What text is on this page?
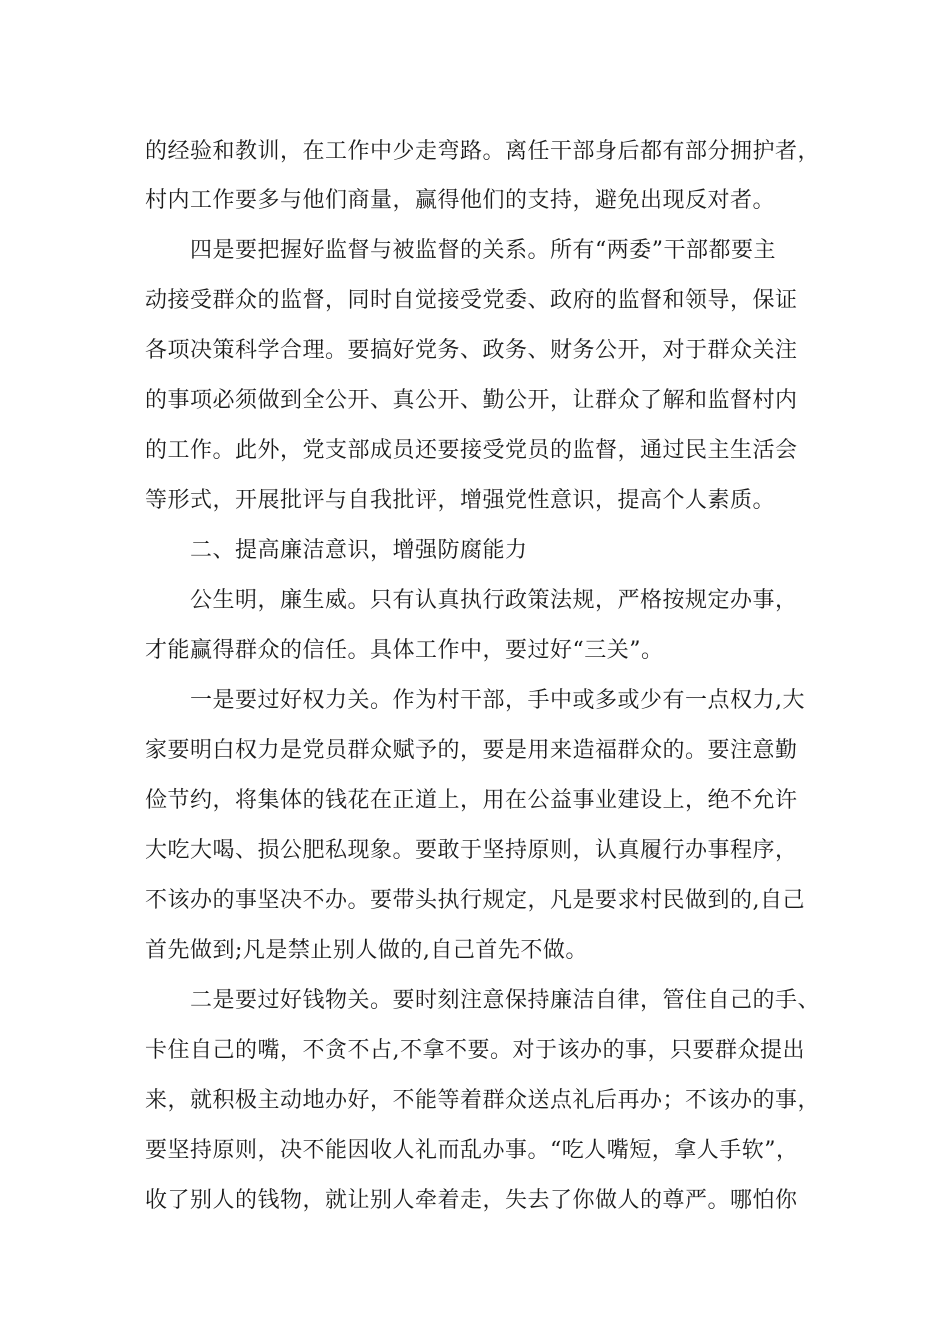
的经验和教训，在工作中少走弯路。离任干部身后都有部分拥护者，
村内工作要多与他们商量，赢得他们的支持，避免出现反对者。
四是要把握好监督与被监督的关系。所有“两委”干部都要主
动接受群众的监督，同时自觉接受党委、政府的监督和领导，保证
各项决策科学合理。要搞好党务、政务、财务公开，对于群众关注
的事项必须做到全公开、真公开、勤公开，让群众了解和监督村内
的工作。此外，党支部成员还要接受党员的监督，通过民主生活会
等形式，开展批评与自我批评，增强党性意识，提高个人素质。
二、提高廉洁意识，增强防腐能力
公生明，廉生威。只有认真执行政策法规，严格按规定办事，
才能赢得群众的信任。具体工作中，要过好“三关”。
一是要过好权力关。作为村干部，手中或多或少有一点权力,大
家要明白权力是党员群众赋予的，要是用来造福群众的。要注意勤
俭节约，将集体的钱花在正道上，用在公益事业建设上，绝不允许
大吃大喝、损公肥私现象。要敢于坚持原则，认真履行办事程序，
不该办的事坚决不办。要带头执行规定，凡是要求村民做到的,自己
首先做到;凡是禁止别人做的,自己首先不做。
二是要过好钱物关。要时刻注意保持廉洁自律，管住自己的手、
卡住自己的嘴，不贪不占,不拿不要。对于该办的事，只要群众提出
来，就积极主动地办好，不能等着群众送点礼后再办；不该办的事，
要坚持原则，决不能因收人礼而乱办事。“吃人嘴短，拿人手软”，
收了别人的钱物，就让别人牵着走，失去了你做人的尊严。哪怕你
